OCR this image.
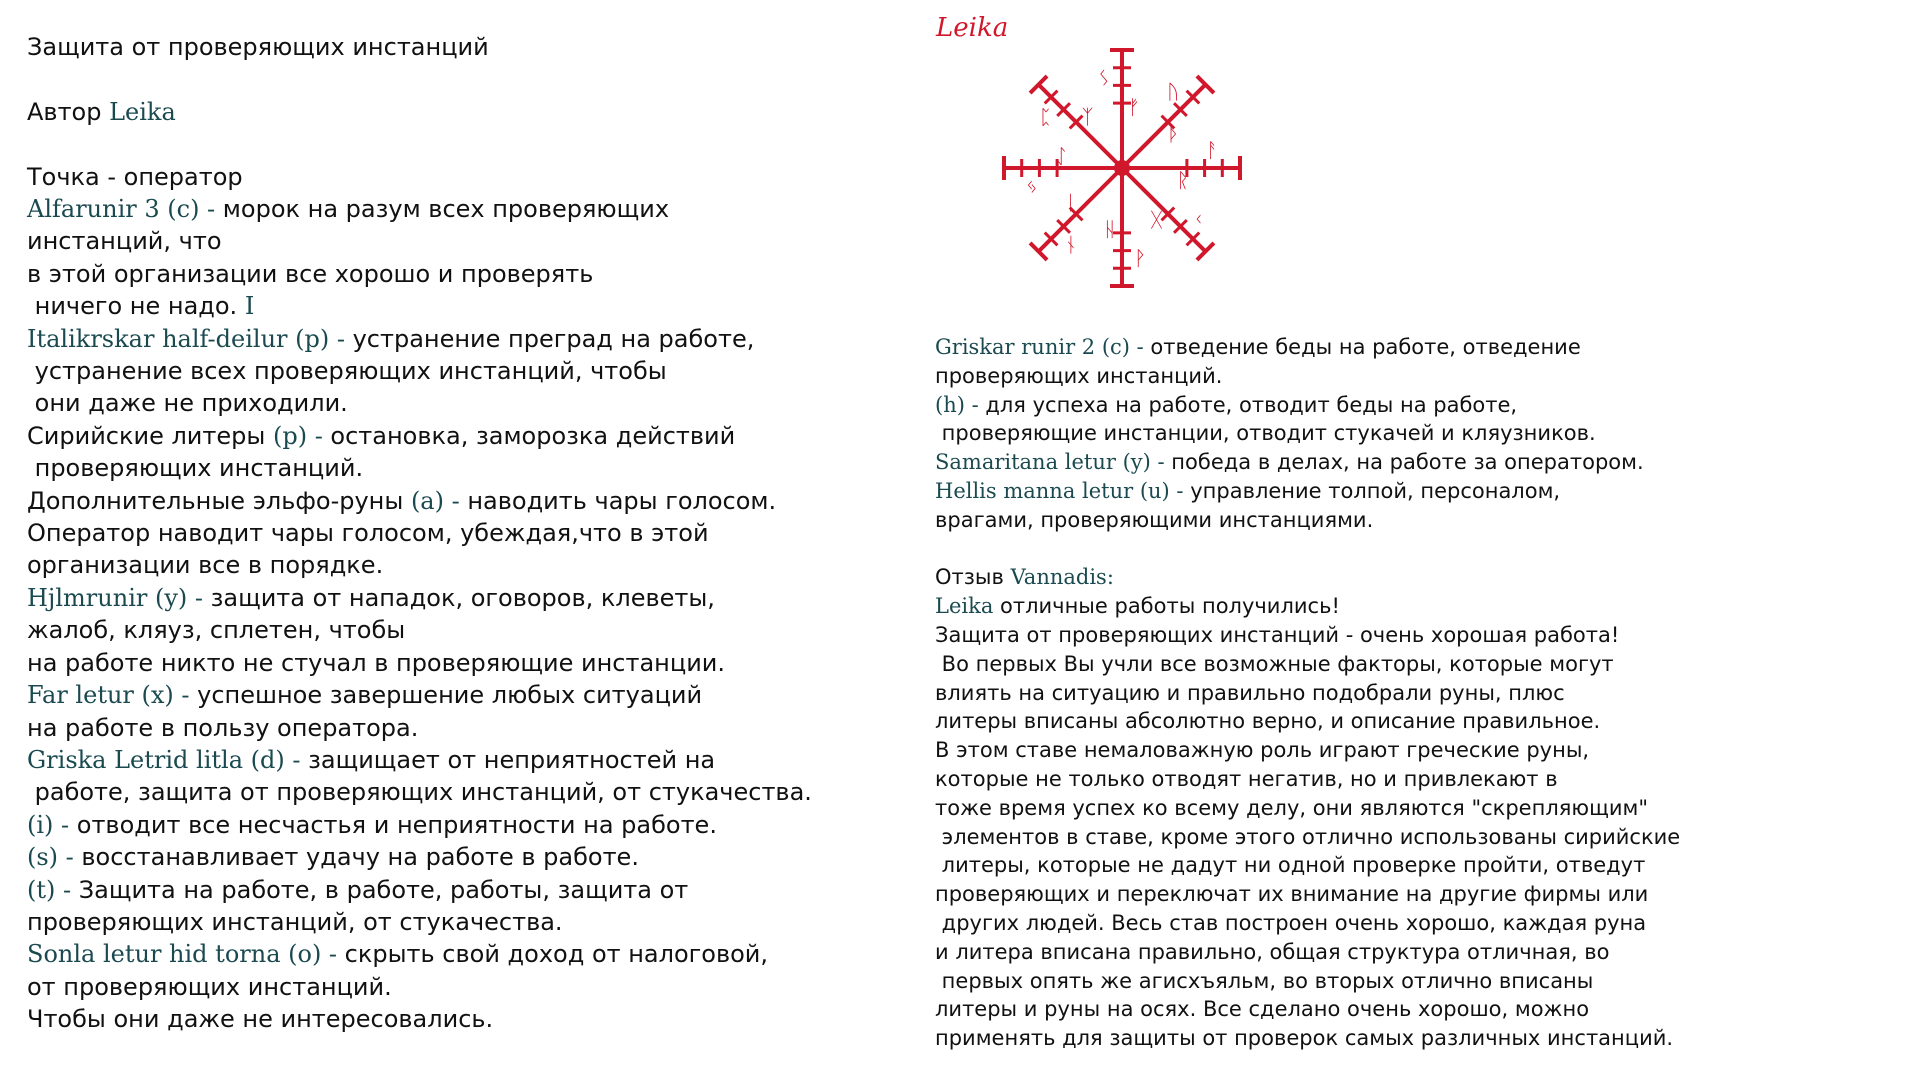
Защита от проверяющих инстанций
Автор Leika
Точка - оператор
Alfarunir 3 (c) - морок на разум всех проверяющих
инстанций, что
в этой организации все хорошо и проверять
ничего не надо. I
Italikrskar half-deilur (p) - устранение преград на работе,
устранение всех проверяющих инстанций, чтобы
они даже не приходили.
Сирийские литеры (p) - остановка, заморозка действий
проверяющих инстанций.
Дополнительные эльфо-руны (a) - наводить чары голосом.
Оператор наводит чары голосом, убеждая,что в этой
организации все в порядке.
Hjlmrunir (y) - защита от нападок, оговоров, клеветы,
жалоб, кляуз, сплетен, чтобы
на работе никто не стучал в проверяющие инстанции.
Far letur (x) - успешное завершение любых ситуаций
на работе в пользу оператора.
Griska Letrid litla (d) - защищает от неприятностей на
работе, защита от проверяющих инстанций, от стукачества.
(i) - отводит все несчастья и неприятности на работе.
(s) - восстанавливает удачу на работе в работе.
(t) - Защита на работе, в работе, работы, защита от
проверяющих инстанций, от стукачества.
Sonla letur hid torna (o) - скрыть свой доход от налоговой,
от проверяющих инстанций.
Чтобы они даже не интересовались.
Leika
ᚠ
ᚢ
ᚦ
ᚨ
ᚱ
ᚲ
ᚷ
ᚹ
ᚺ
ᚾ
ᛁ
ᛃ
ᛇ
ᛈ ᛉ
ᛊ
Griskar runir 2 (c) - отведение беды на работе, отведение
проверяющих инстанций.
(h) - для успеха на работе, отводит беды на работе,
проверяющие инстанции, отводит стукачей и кляузников.
Samaritana letur (y) - победа в делах, на работе за оператором.
Hellis manna letur (u) - управление толпой, персоналом,
врагами, проверяющими инстанциями.
Отзыв Vannadis:
Leika отличные работы получились!
Защита от проверяющих инстанций - очень хорошая работа!
Во первых Вы учли все возможные факторы, которые могут
влиять на ситуацию и правильно подобрали руны, плюс
литеры вписаны абсолютно верно, и описание правильное.
В этом ставе немаловажную роль играют греческие руны,
которые не только отводят негатив, но и привлекают в
тоже время успех ко всему делу, они являются "скрепляющим"
элементов в ставе, кроме этого отлично использованы сирийские
литеры, которые не дадут ни одной проверке пройти, отведут
проверяющих и переключат их внимание на другие фирмы или
других людей. Весь став построен очень хорошо, каждая руна
и литера вписана правильно, общая структура отличная, во
первых опять же агисхъяльм, во вторых отлично вписаны
литеры и руны на осях. Все сделано очень хорошо, можно
применять для защиты от проверок самых различных инстанций.
